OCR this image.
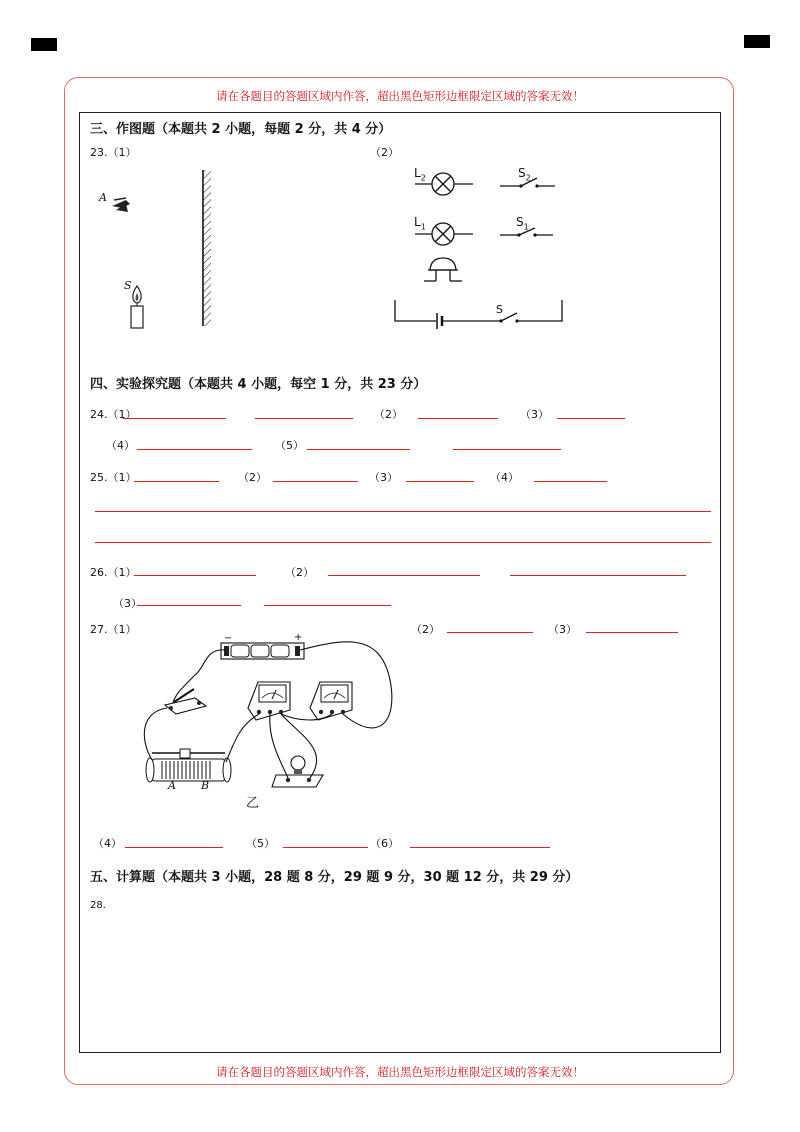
请在各题目的答题区域内作答，超出黑色矩形边框限定区域的答案无效！
请在各题目的答题区域内作答，超出黑色矩形边框限定区域的答案无效！
三、作图题（本题共 2 小题，每题 2 分，共 4 分）
23.（1）	（2）
A
S
$L_2$	$S_2$
$L_1$	$S_1$
S
四、实验探究题（本题共 4 小题，每空 1 分，共 23 分）
24.（1）	（2）	（3）
（4）	（5）
25.（1）	（2）	（3）	（4）
26.（1）	（2）
（3）
27.（1）	（2）	（3）
−	+
A B
乙
（4）	（5）	（6）
五、计算题（本题共 3 小题，28 题 8 分，29 题 9 分，30 题 12 分，共 29 分）
28.
